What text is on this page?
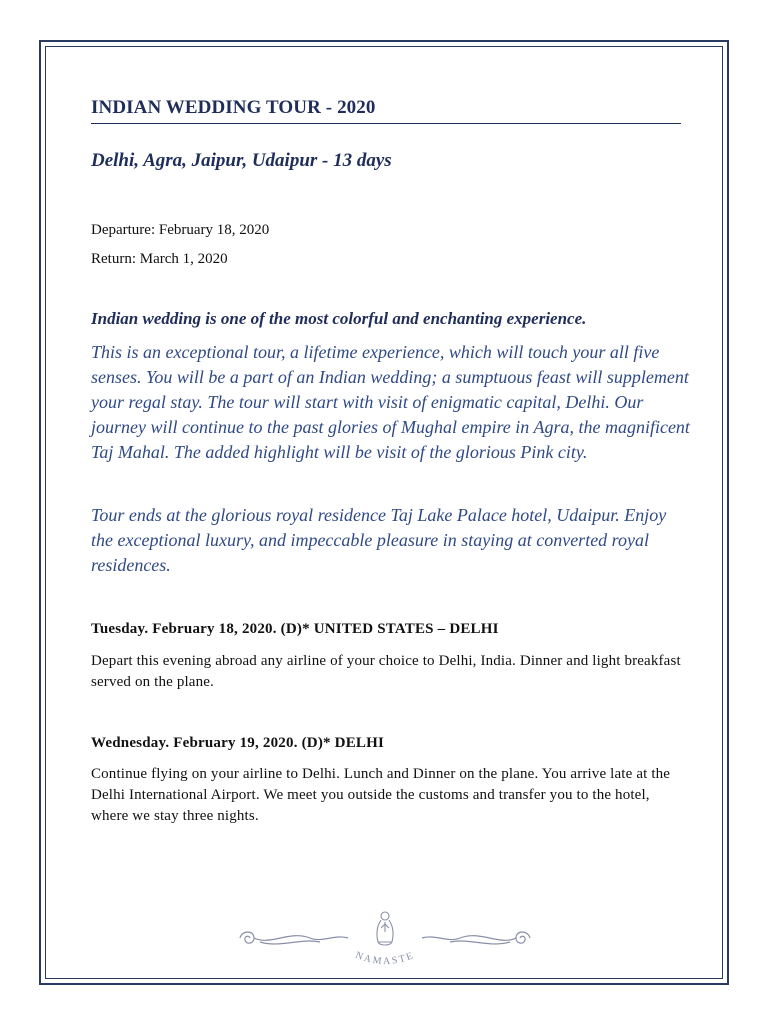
INDIAN WEDDING TOUR - 2020
Delhi, Agra, Jaipur, Udaipur - 13 days
Departure: February 18, 2020
Return: March 1, 2020

Indian wedding is one of the most colorful and enchanting experience.

This is an exceptional tour, a lifetime experience, which will touch your all five senses. You will be a part of an Indian wedding; a sumptuous feast will supplement your regal stay. The tour will start with visit of enigmatic capital, Delhi. Our journey will continue to the past glories of Mughal empire in Agra, the magnificent Taj Mahal. The added highlight will be visit of the glorious Pink city.

Tour ends at the glorious royal residence Taj Lake Palace hotel, Udaipur. Enjoy the exceptional luxury, and impeccable pleasure in staying at converted royal residences.

Tuesday. February 18, 2020. (D)* UNITED STATES – DELHI

Depart this evening abroad any airline of your choice to Delhi, India. Dinner and light breakfast served on the plane.

Wednesday. February 19, 2020. (D)* DELHI

Continue flying on your airline to Delhi. Lunch and Dinner on the plane. You arrive late at the Delhi International Airport. We meet you outside the customs and transfer you to the hotel, where we stay three nights.

NAMASTE
